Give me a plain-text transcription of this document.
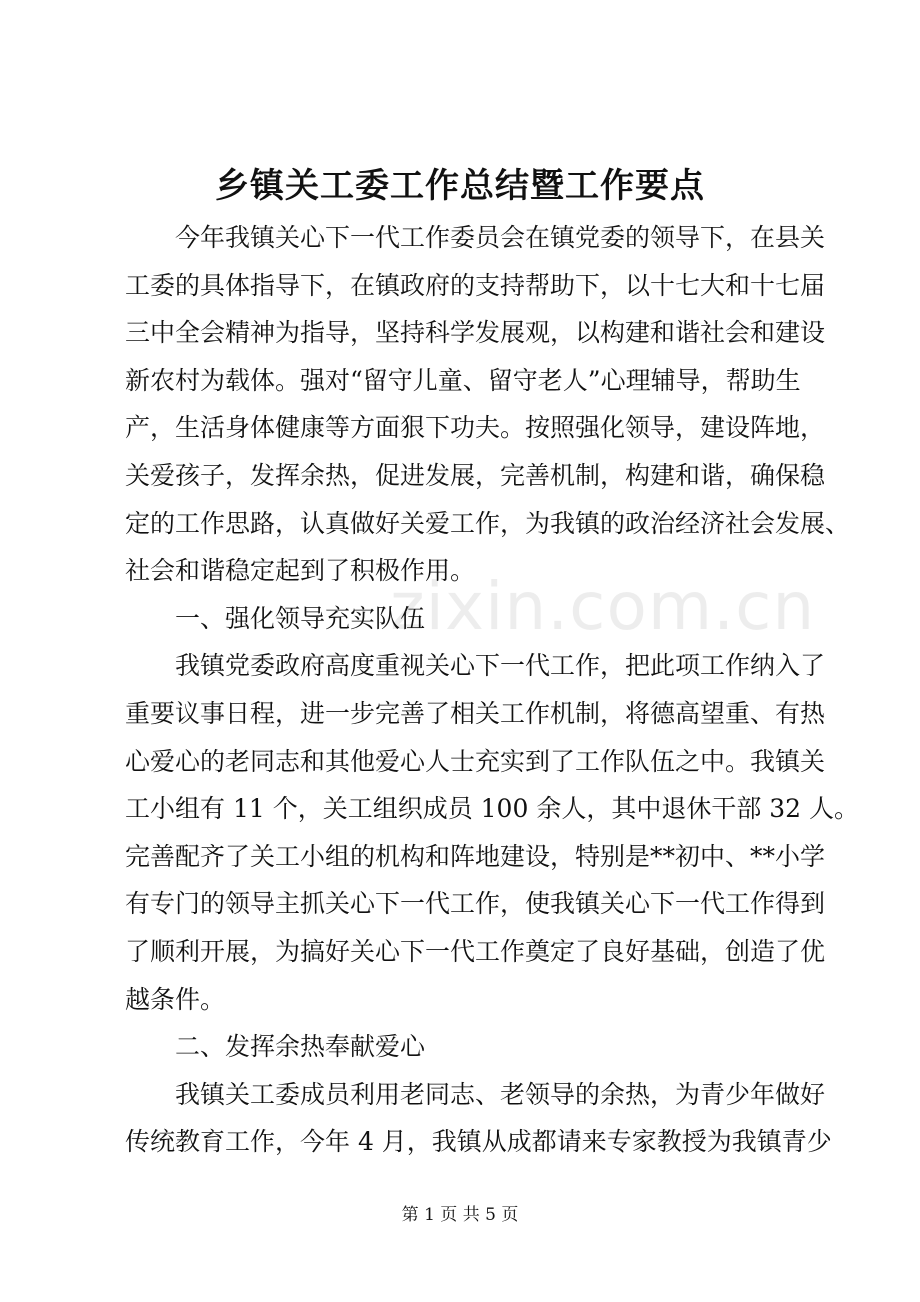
zixin.com.cn
乡镇关工委工作总结暨工作要点
　　今年我镇关心下一代工作委员会在镇党委的领导下，在县关
工委的具体指导下，在镇政府的支持帮助下，以十七大和十七届
三中全会精神为指导，坚持科学发展观，以构建和谐社会和建设
新农村为载体。强对“留守儿童、留守老人”心理辅导，帮助生
产，生活身体健康等方面狠下功夫。按照强化领导，建设阵地，
关爱孩子，发挥余热，促进发展，完善机制，构建和谐，确保稳
定的工作思路，认真做好关爱工作，为我镇的政治经济社会发展、
社会和谐稳定起到了积极作用。
　　一、强化领导充实队伍
　　我镇党委政府高度重视关心下一代工作，把此项工作纳入了
重要议事日程，进一步完善了相关工作机制，将德高望重、有热
心爱心的老同志和其他爱心人士充实到了工作队伍之中。我镇关
工小组有 11 个，关工组织成员 100 余人，其中退休干部 32 人。
完善配齐了关工小组的机构和阵地建设，特别是**初中、**小学
有专门的领导主抓关心下一代工作，使我镇关心下一代工作得到
了顺利开展，为搞好关心下一代工作奠定了良好基础，创造了优
越条件。
　　二、发挥余热奉献爱心
　　我镇关工委成员利用老同志、老领导的余热，为青少年做好
传统教育工作，今年 4 月，我镇从成都请来专家教授为我镇青少
第 1 页 共 5 页
